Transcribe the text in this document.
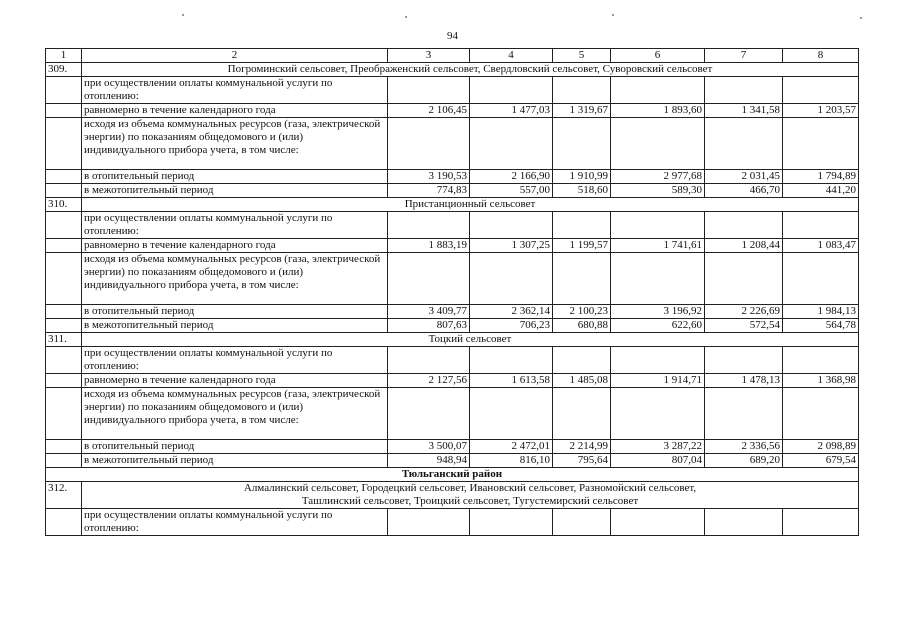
94
1	2	3	4	5	6	7	8
309.	Погроминский сельсовет, Преображенский сельсовет, Свердловский сельсовет, Суворовский сельсовет						
	при осуществлении оплаты коммунальной услуги по отоплению:						
	равномерно в течение календарного года	2 106,45	1 477,03	1 319,67	1 893,60	1 341,58	1 203,57
	исходя из объема коммунальных ресурсов (газа, электрической энергии) по показаниям общедомового и (или) индивидуального прибора учета, в том числе:						
	в отопительный период	3 190,53	2 166,90	1 910,99	2 977,68	2 031,45	1 794,89
	в межотопительный период	774,83	557,00	518,60	589,30	466,70	441,20
310.	Пристанционный сельсовет						
	при осуществлении оплаты коммунальной услуги по отоплению:						
	равномерно в течение календарного года	1 883,19	1 307,25	1 199,57	1 741,61	1 208,44	1 083,47
	исходя из объема коммунальных ресурсов (газа, электрической энергии) по показаниям общедомового и (или) индивидуального прибора учета, в том числе:						
	в отопительный период	3 409,77	2 362,14	2 100,23	3 196,92	2 226,69	1 984,13
	в межотопительный период	807,63	706,23	680,88	622,60	572,54	564,78
311.	Тоцкий сельсовет						
	при осуществлении оплаты коммунальной услуги по отоплению:						
	равномерно в течение календарного года	2 127,56	1 613,58	1 485,08	1 914,71	1 478,13	1 368,98
	исходя из объема коммунальных ресурсов (газа, электрической энергии) по показаниям общедомового и (или) индивидуального прибора учета, в том числе:						
	в отопительный период	3 500,07	2 472,01	2 214,99	3 287,22	2 336,56	2 098,89
	в межотопительный период	948,94	816,10	795,64	807,04	689,20	679,54
Тюльганский район							
312.	Алмалинский сельсовет, Городецкий сельсовет, Ивановский сельсовет, Разномойский сельсовет,
Ташлинский сельсовет, Троицкий сельсовет, Тугустемирский сельсовет						

	при осуществлении оплаты коммунальной услуги по отоплению:						
